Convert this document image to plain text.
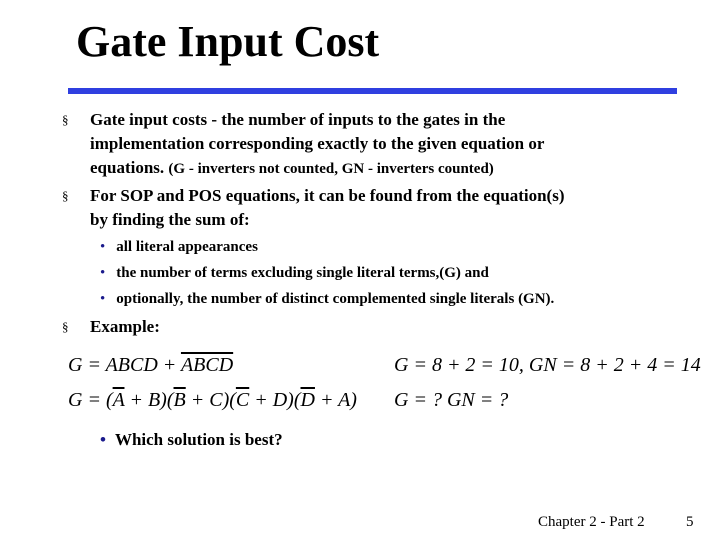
Gate Input Cost
§ Gate input costs - the number of inputs to the gates in the
implementation corresponding exactly to the given equation or
equations. (G - inverters not counted, GN - inverters counted)
§ For SOP and POS equations, it can be found from the equation(s)
by finding the sum of:
• all literal appearances
• the number of terms excluding single literal terms,(G) and
• optionally, the number of distinct complemented single literals (GN).
§ Example:
G = ABCD + ABCD	G = 8 + 2 = 10, GN = 8 + 2 + 4 = 14
$G = (\overline{A} + B)(\overline{B} + C)(\overline{C} + D)(\overline{D} + A) G$ = ? GN = ?
• Which solution is best?
Chapter 2 - Part 2	5
